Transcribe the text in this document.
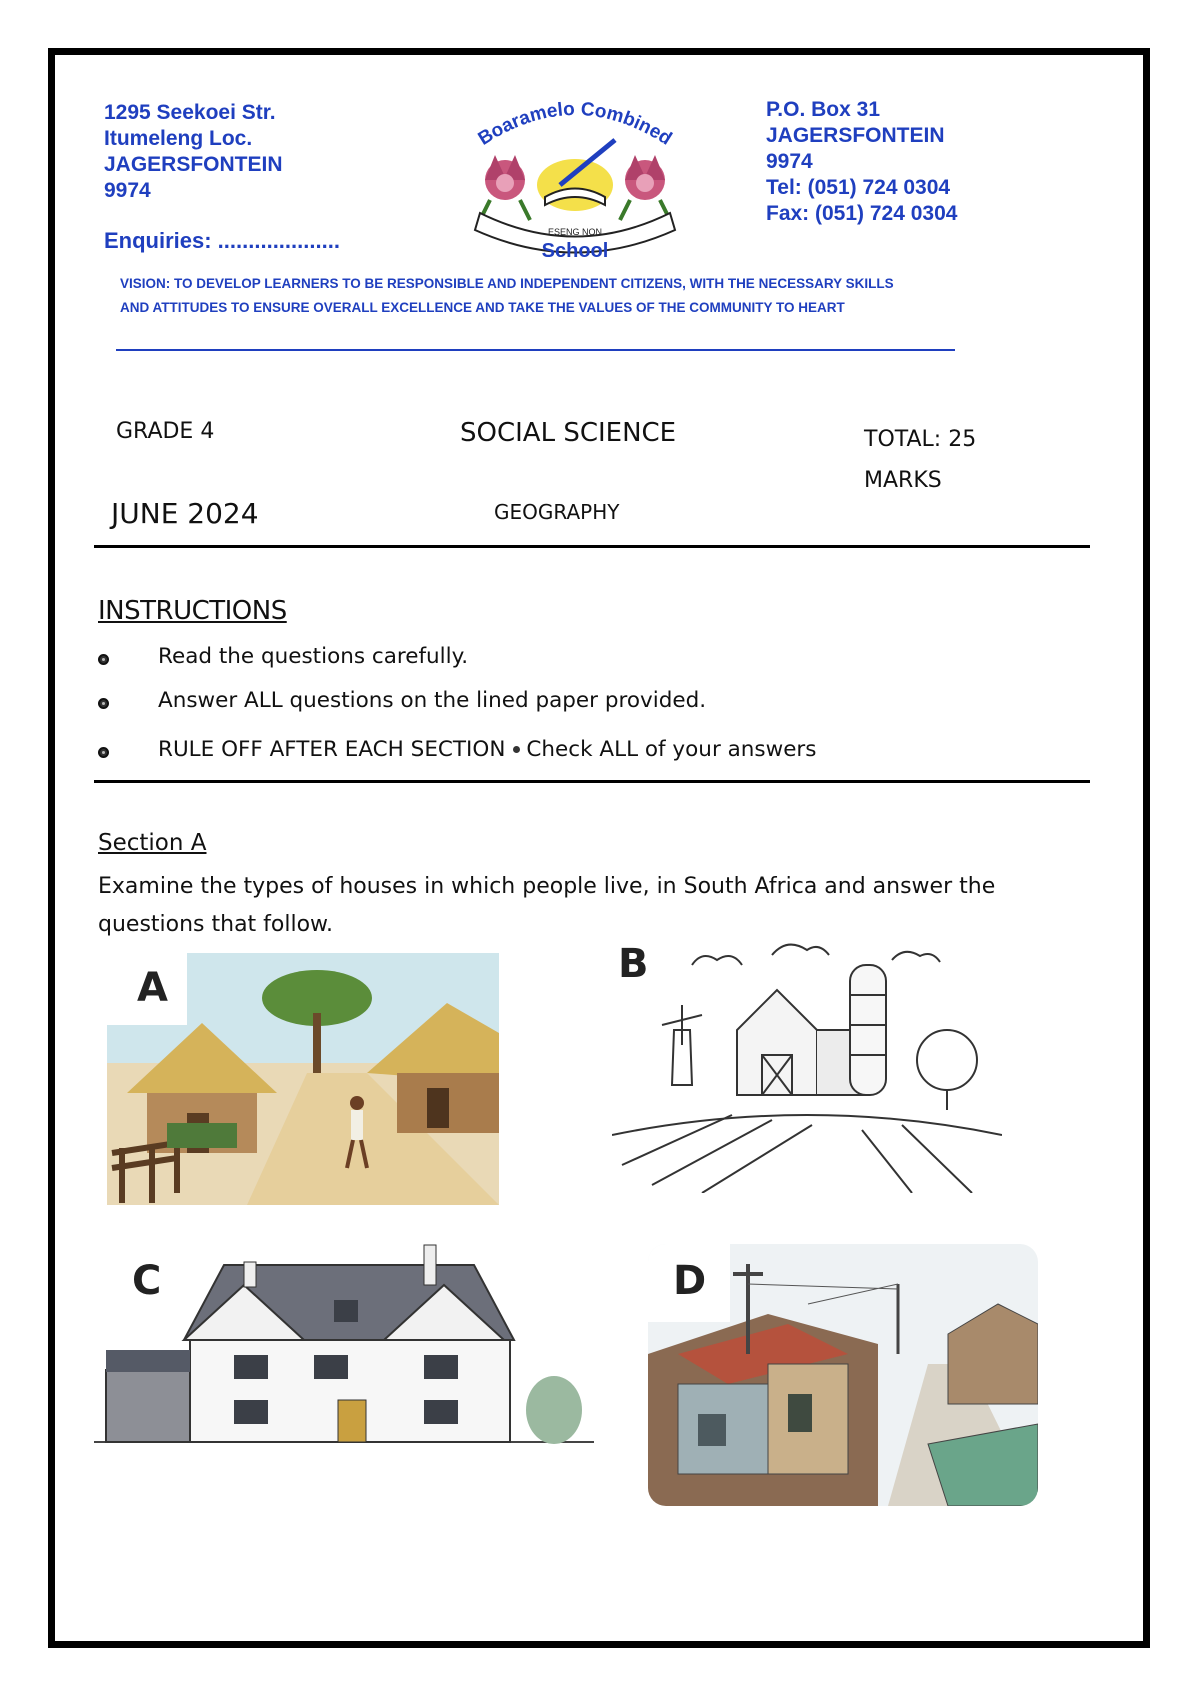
1295 Seekoei Str.
Itumeleng Loc.
JAGERSFONTEIN
9974
Enquiries: ....................
P.O. Box 31
JAGERSFONTEIN
9974
Tel: (051) 724 0304
Fax: (051) 724 0304
Boaramelo Combined
ESENG NON
School
VISION: TO DEVELOP LEARNERS TO BE RESPONSIBLE AND INDEPENDENT CITIZENS, WITH THE NECESSARY SKILLS
AND ATTITUDES TO ENSURE OVERALL EXCELLENCE AND TAKE THE VALUES OF THE COMMUNITY TO HEART
GRADE 4	SOCIAL SCIENCE	TOTAL: 25
MARKS
JUNE 2024	GEOGRAPHY
INSTRUCTIONS
Read the questions carefully.
Answer ALL questions on the lined paper provided.
RULE OFF AFTER EACH SECTION Check ALL of your answers
Section A
Examine the types of houses in which people live, in South Africa and answer the questions that follow.
A
B
C	D
